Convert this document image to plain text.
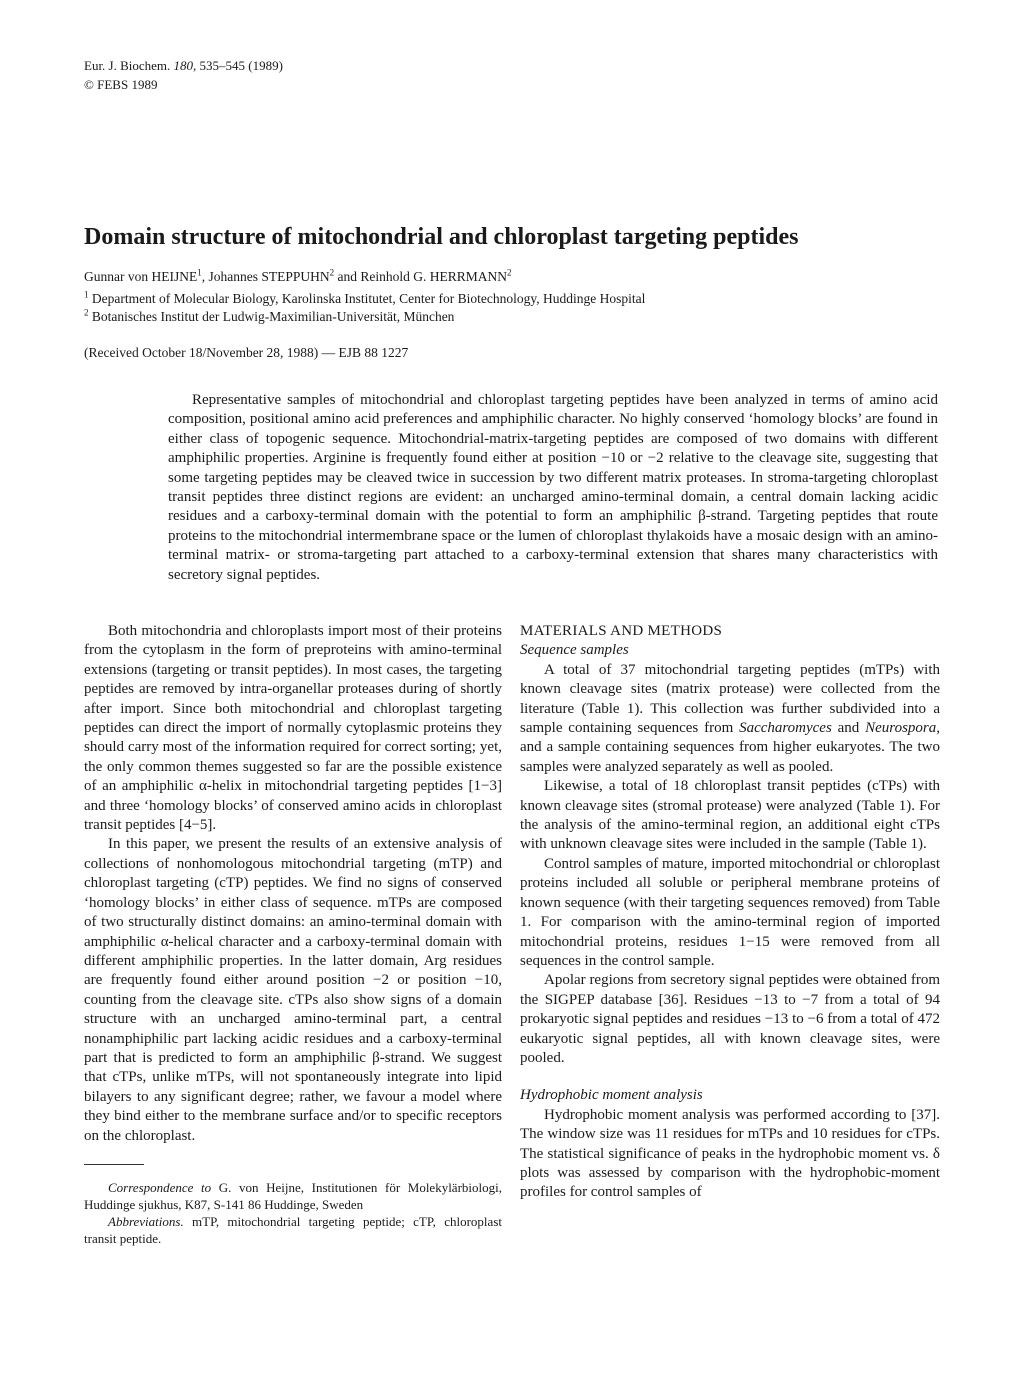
Eur. J. Biochem. 180, 535–545 (1989)
© FEBS 1989
Domain structure of mitochondrial and chloroplast targeting peptides
Gunnar von HEIJNE$^1$, Johannes STEPPUHN$^2$ and Reinhold G. HERRMANN$^2$
$^1$ Department of Molecular Biology, Karolinska Institutet, Center for Biotechnology, Huddinge Hospital
$^2$ Botanisches Institut der Ludwig-Maximilian-Universität, München
(Received October 18/November 28, 1988) — EJB 88 1227
Representative samples of mitochondrial and chloroplast targeting peptides have been analyzed in terms of amino acid composition, positional amino acid preferences and amphiphilic character. No highly conserved ‘homology blocks’ are found in either class of topogenic sequence. Mitochondrial-matrix-targeting peptides are composed of two domains with different amphiphilic properties. Arginine is frequently found either at position −10 or −2 relative to the cleavage site, suggesting that some targeting peptides may be cleaved twice in succession by two different matrix proteases. In stroma-targeting chloroplast transit peptides three distinct regions are evident: an uncharged amino-terminal domain, a central domain lacking acidic residues and a carboxy-terminal domain with the potential to form an amphiphilic β-strand. Targeting peptides that route proteins to the mitochondrial intermembrane space or the lumen of chloroplast thylakoids have a mosaic design with an amino-terminal matrix- or stroma-targeting part attached to a carboxy-terminal extension that shares many characteristics with secretory signal peptides.

Both mitochondria and chloroplasts import most of their proteins from the cytoplasm in the form of preproteins with amino-terminal extensions (targeting or transit peptides). In most cases, the targeting peptides are removed by intra-organellar proteases during of shortly after import. Since both mitochondrial and chloroplast targeting peptides can direct the import of normally cytoplasmic proteins they should carry most of the information required for correct sorting; yet, the only common themes suggested so far are the possible existence of an amphiphilic α-helix in mitochondrial targeting peptides [1−3] and three ‘homology blocks’ of conserved amino acids in chloroplast transit peptides [4−5].

In this paper, we present the results of an extensive analysis of collections of nonhomologous mitochondrial targeting (mTP) and chloroplast targeting (cTP) peptides. We find no signs of conserved ‘homology blocks’ in either class of sequence. mTPs are composed of two structurally distinct domains: an amino-terminal domain with amphiphilic α-helical character and a carboxy-terminal domain with different amphiphilic properties. In the latter domain, Arg residues are frequently found either around position −2 or position −10, counting from the cleavage site. cTPs also show signs of a domain structure with an uncharged amino-terminal part, a central nonamphiphilic part lacking acidic residues and a carboxy-terminal part that is predicted to form an amphiphilic β-strand. We suggest that cTPs, unlike mTPs, will not spontaneously integrate into lipid bilayers to any significant degree; rather, we favour a model where they bind either to the membrane surface and/or to specific receptors on the chloroplast.

Correspondence to G. von Heijne, Institutionen för Molekylärbiologi, Huddinge sjukhus, K87, S-141 86 Huddinge, Sweden

Abbreviations. mTP, mitochondrial targeting peptide; cTP, chloroplast transit peptide.

MATERIALS AND METHODS

Sequence samples

A total of 37 mitochondrial targeting peptides (mTPs) with known cleavage sites (matrix protease) were collected from the literature (Table 1). This collection was further subdivided into a sample containing sequences from Saccharomyces and Neurospora, and a sample containing sequences from higher eukaryotes. The two samples were analyzed separately as well as pooled.

Likewise, a total of 18 chloroplast transit peptides (cTPs) with known cleavage sites (stromal protease) were analyzed (Table 1). For the analysis of the amino-terminal region, an additional eight cTPs with unknown cleavage sites were included in the sample (Table 1).

Control samples of mature, imported mitochondrial or chloroplast proteins included all soluble or peripheral membrane proteins of known sequence (with their targeting sequences removed) from Table 1. For comparison with the amino-terminal region of imported mitochondrial proteins, residues 1−15 were removed from all sequences in the control sample.

Apolar regions from secretory signal peptides were obtained from the SIGPEP database [36]. Residues −13 to −7 from a total of 94 prokaryotic signal peptides and residues −13 to −6 from a total of 472 eukaryotic signal peptides, all with known cleavage sites, were pooled.

Hydrophobic moment analysis

Hydrophobic moment analysis was performed according to [37]. The window size was 11 residues for mTPs and 10 residues for cTPs. The statistical significance of peaks in the hydrophobic moment vs. δ plots was assessed by comparison with the hydrophobic-moment profiles for control samples of
